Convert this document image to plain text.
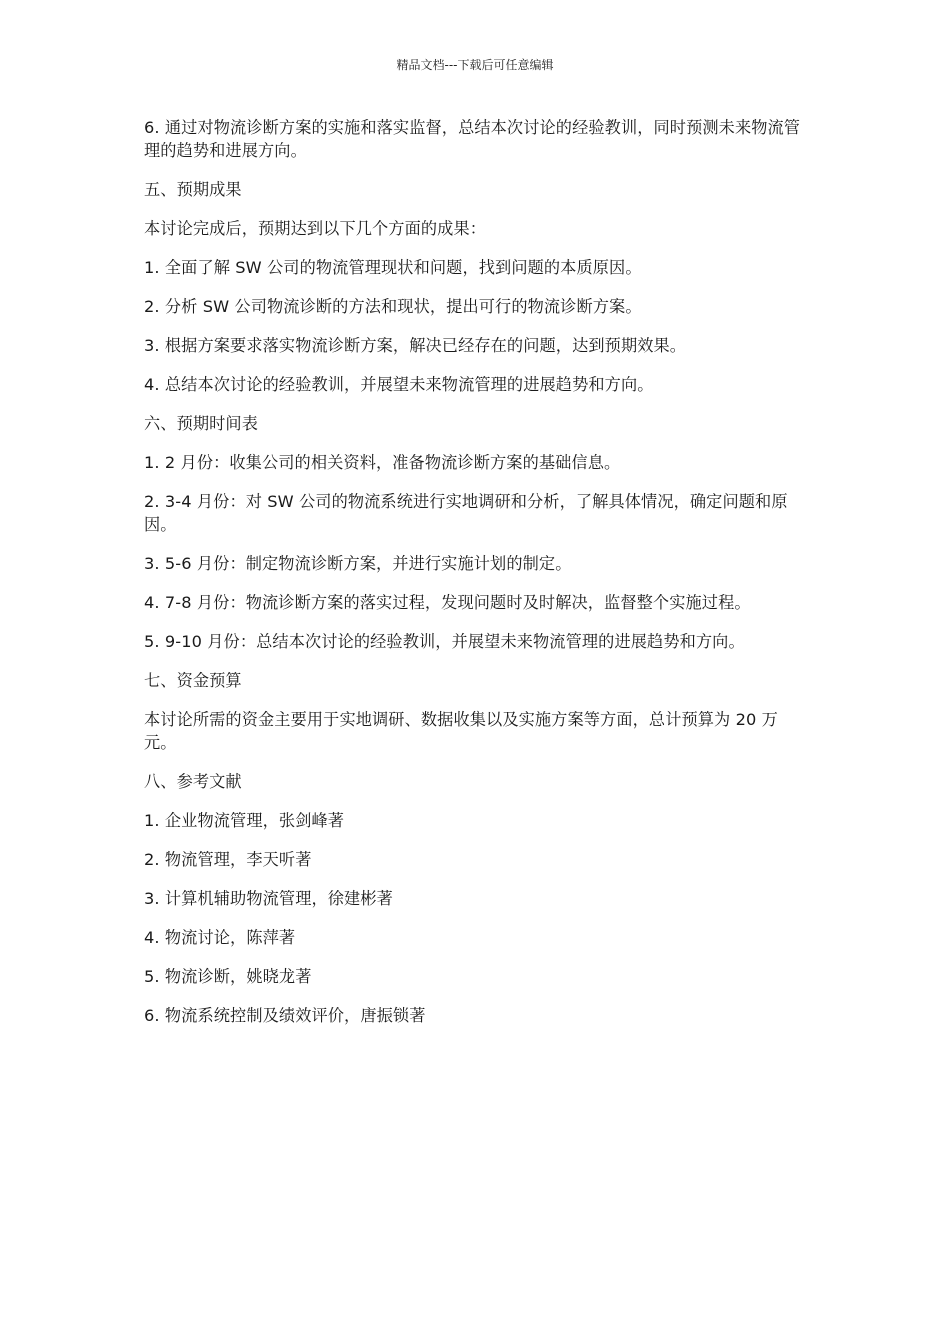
精品文档---下载后可任意编辑

6. 通过对物流诊断方案的实施和落实监督，总结本次讨论的经验教训，同时预测未来物流管理的趋势和进展方向。

五、预期成果

本讨论完成后，预期达到以下几个方面的成果：

1. 全面了解 SW 公司的物流管理现状和问题，找到问题的本质原因。

2. 分析 SW 公司物流诊断的方法和现状，提出可行的物流诊断方案。

3. 根据方案要求落实物流诊断方案，解决已经存在的问题，达到预期效果。

4. 总结本次讨论的经验教训，并展望未来物流管理的进展趋势和方向。

六、预期时间表

1. 2 月份：收集公司的相关资料，准备物流诊断方案的基础信息。

2. 3-4 月份：对 SW 公司的物流系统进行实地调研和分析，了解具体情况，确定问题和原因。

3. 5-6 月份：制定物流诊断方案，并进行实施计划的制定。

4. 7-8 月份：物流诊断方案的落实过程，发现问题时及时解决，监督整个实施过程。

5. 9-10 月份：总结本次讨论的经验教训，并展望未来物流管理的进展趋势和方向。

七、资金预算

本讨论所需的资金主要用于实地调研、数据收集以及实施方案等方面，总计预算为 20 万元。

八、参考文献

1. 企业物流管理，张剑峰著

2. 物流管理，李天听著

3. 计算机辅助物流管理，徐建彬著

4. 物流讨论，陈萍著

5. 物流诊断，姚晓龙著

6. 物流系统控制及绩效评价，唐振锁著
